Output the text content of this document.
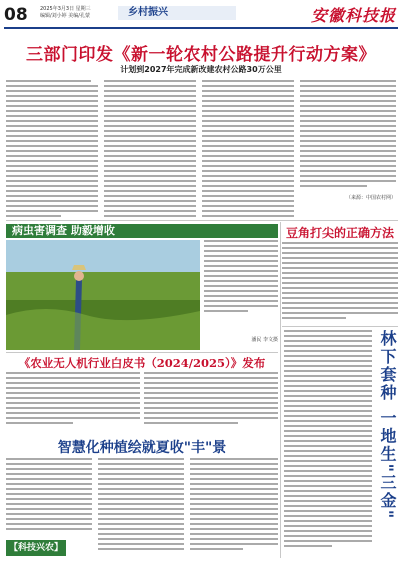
08 2025年3月3日 星期三
编辑/刘小婷 美编/孔蒙	乡村振兴	安徽科技报
三部门印发《新一轮农村公路提升行动方案》
计划到2027年完成新改建农村公路30万公里
（来源：中国农村网）
病虫害调查 助毅增收
潘民 李文摄
豆角打尖的正确方法
《农业无人机行业白皮书（2024/2025）》发布
智慧化种植绘就夏收"丰"景
【科技兴农】
林下套种 一地生"三金"
